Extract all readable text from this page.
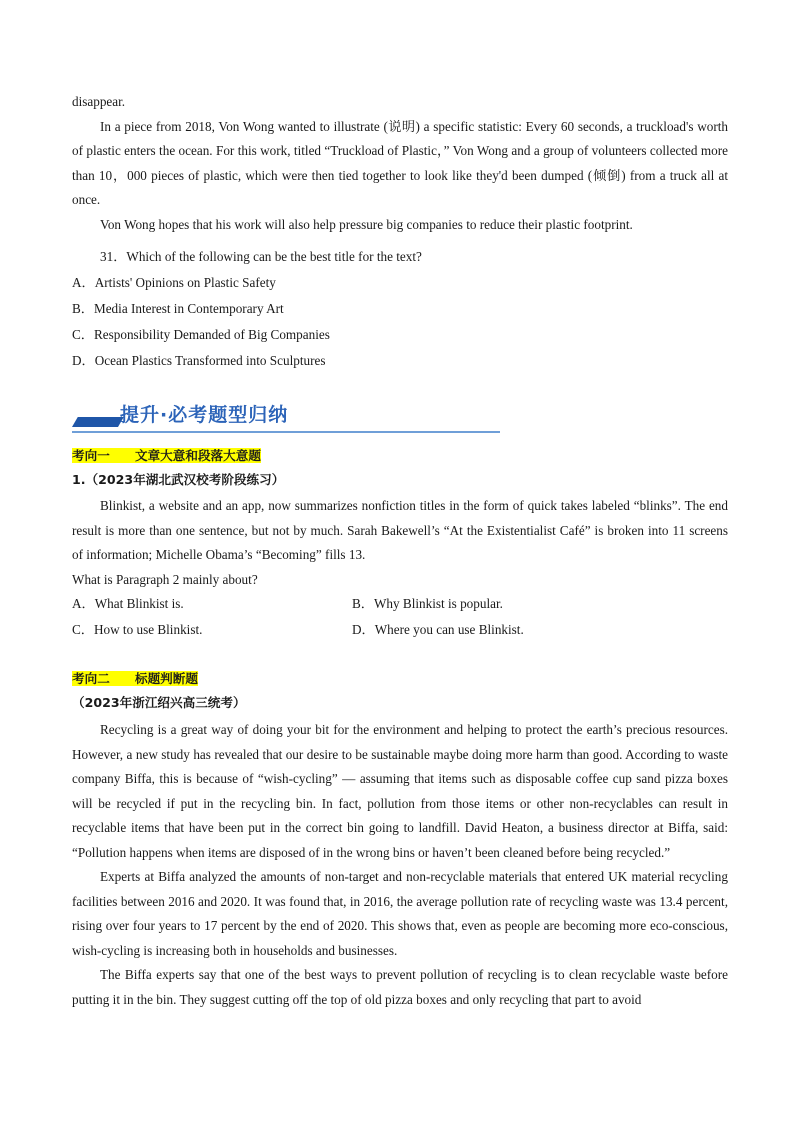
disappear.

In a piece from 2018, Von Wong wanted to illustrate (说明) a specific statistic: Every 60 seconds, a truckload's worth of plastic enters the ocean. For this work, titled “Truckload of Plastic，” Von Wong and a group of volunteers collected more than 10，000 pieces of plastic, which were then tied together to look like they'd been dumped (倾倒) from a truck all at once.

Von Wong hopes that his work will also help pressure big companies to reduce their plastic footprint.

31．Which of the following can be the best title for the text?

A．Artists' Opinions on Plastic Safety

B．Media Interest in Contemporary Art

C．Responsibility Demanded of Big Companies

D．Ocean Plastics Transformed into Sculptures

提升·必考题型归纳
考向一　　文章大意和段落大意题
1.（2023年湖北武汉校考阶段练习）

Blinkist, a website and an app, now summarizes nonfiction titles in the form of quick takes labeled “blinks”. The end result is more than one sentence, but not by much. Sarah Bakewell’s “At the Existentialist Café” is broken into 11 screens of information; Michelle Obama’s “Becoming” fills 13.

What is Paragraph 2 mainly about?

A．What Blinkist is.	B．Why Blinkist is popular.
C．How to use Blinkist.	D．Where you can use Blinkist.
考向二　　标题判断题
（2023年浙江绍兴高三统考）

Recycling is a great way of doing your bit for the environment and helping to protect the earth’s precious resources. However, a new study has revealed that our desire to be sustainable maybe doing more harm than good. According to waste company Biffa, this is because of “wish-cycling” — assuming that items such as disposable coffee cup sand pizza boxes will be recycled if put in the recycling bin. In fact, pollution from those items or other non-recyclables can result in recyclable items that have been put in the correct bin going to landfill. David Heaton, a business director at Biffa, said: “Pollution happens when items are disposed of in the wrong bins or haven’t been cleaned before being recycled.”

Experts at Biffa analyzed the amounts of non-target and non-recyclable materials that entered UK material recycling facilities between 2016 and 2020. It was found that, in 2016, the average pollution rate of recycling waste was 13.4 percent, rising over four years to 17 percent by the end of 2020. This shows that, even as people are becoming more eco-conscious, wish-cycling is increasing both in households and businesses.

The Biffa experts say that one of the best ways to prevent pollution of recycling is to clean recyclable waste before putting it in the bin. They suggest cutting off the top of old pizza boxes and only recycling that part to avoid
